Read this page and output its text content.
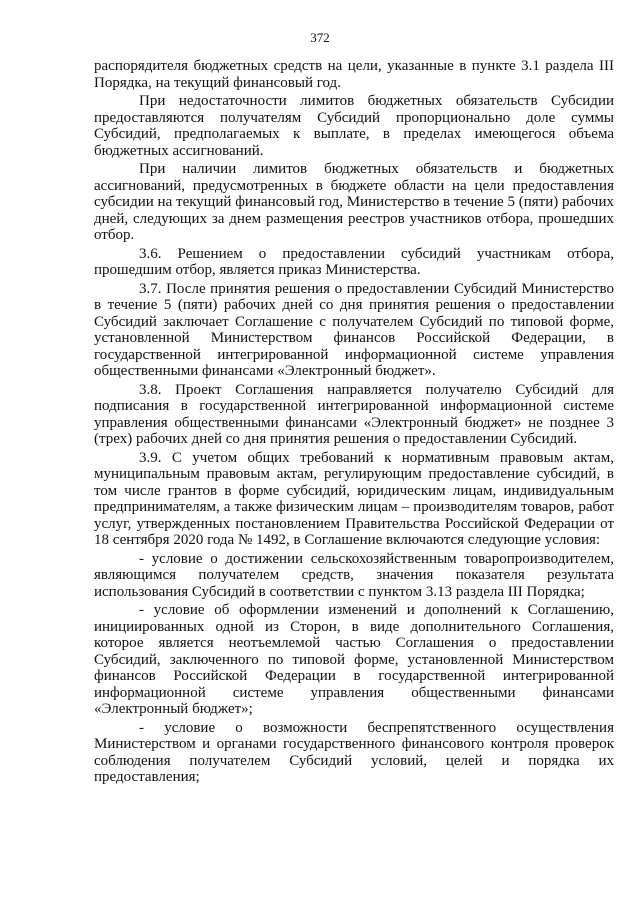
372

распорядителя бюджетных средств на цели, указанные в пункте 3.1 раздела III Порядка, на текущий финансовый год.

При недостаточности лимитов бюджетных обязательств Субсидии предоставляются получателям Субсидий пропорционально доле суммы Субсидий, предполагаемых к выплате, в пределах имеющегося объема бюджетных ассигнований.

При наличии лимитов бюджетных обязательств и бюджетных ассигнований, предусмотренных в бюджете области на цели предоставления субсидии на текущий финансовый год, Министерство в течение 5 (пяти) рабочих дней, следующих за днем размещения реестров участников отбора, прошедших отбор.

3.6. Решением о предоставлении субсидий участникам отбора, прошедшим отбор, является приказ Министерства.

3.7. После принятия решения о предоставлении Субсидий Министерство в течение 5 (пяти) рабочих дней со дня принятия решения о предоставлении Субсидий заключает Соглашение с получателем Субсидий по типовой форме, установленной Министерством финансов Российской Федерации, в государственной интегрированной информационной системе управления общественными финансами «Электронный бюджет».

3.8. Проект Соглашения направляется получателю Субсидий для подписания в государственной интегрированной информационной системе управления общественными финансами «Электронный бюджет» не позднее 3 (трех) рабочих дней со дня принятия решения о предоставлении Субсидий.

3.9. С учетом общих требований к нормативным правовым актам, муниципальным правовым актам, регулирующим предоставление субсидий, в том числе грантов в форме субсидий, юридическим лицам, индивидуальным предпринимателям, а также физическим лицам – производителям товаров, работ услуг, утвержденных постановлением Правительства Российской Федерации от 18 сентября 2020 года № 1492, в Соглашение включаются следующие условия:

- условие о достижении сельскохозяйственным товаропроизводителем, являющимся получателем средств, значения показателя результата использования Субсидий в соответствии с пунктом 3.13 раздела III Порядка;

- условие об оформлении изменений и дополнений к Соглашению, инициированных одной из Сторон, в виде дополнительного Соглашения, которое является неотъемлемой частью Соглашения о предоставлении Субсидий, заключенного по типовой форме, установленной Министерством финансов Российской Федерации в государственной интегрированной информационной системе управления общественными финансами «Электронный бюджет»;

- условие о возможности беспрепятственного осуществления Министерством и органами государственного финансового контроля проверок соблюдения получателем Субсидий условий, целей и порядка их предоставления;
